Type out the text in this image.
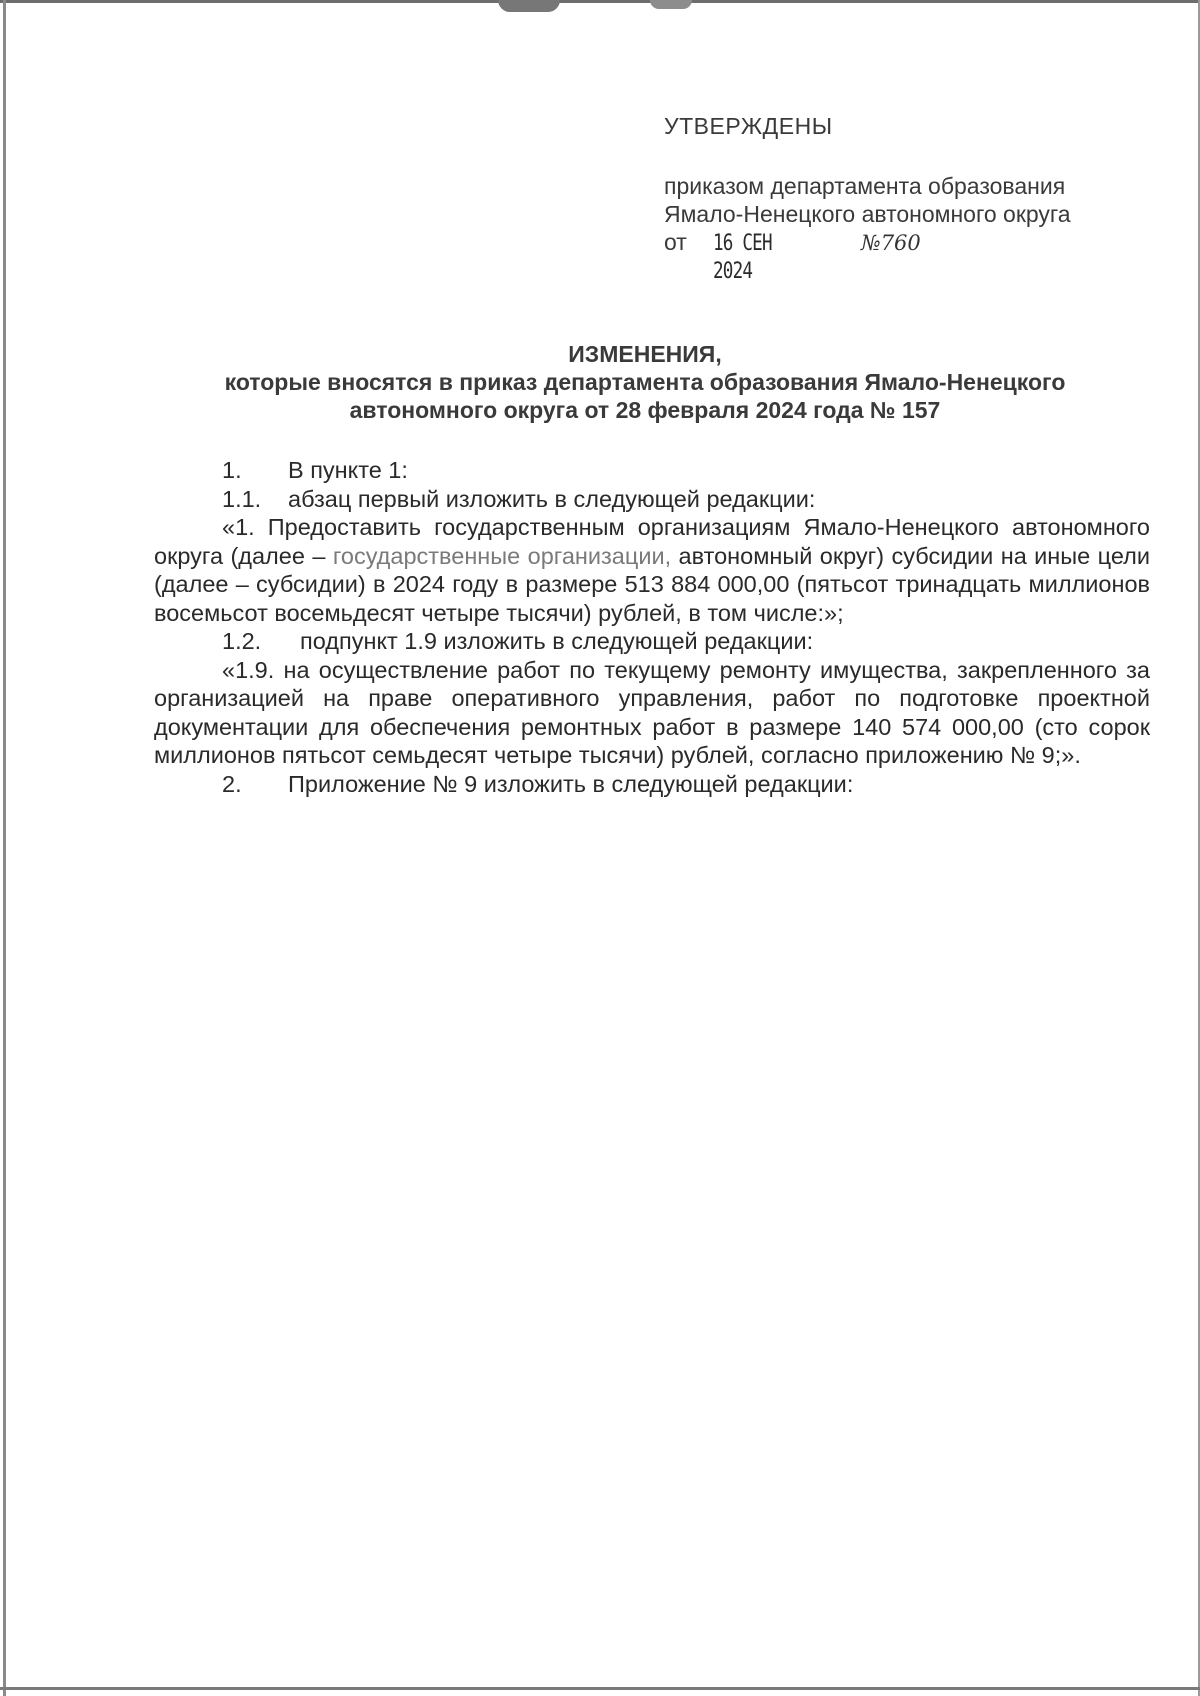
УТВЕРЖДЕНЫ
приказом департамента образования
Ямало-Ненецкого автономного округа
от 16 СЕН 2024
№760
ИЗМЕНЕНИЯ,
которые вносятся в приказ департамента образования Ямало-Ненецкого
автономного округа от 28 февраля 2024 года № 157
1.	В пункте 1:
1.1.	абзац первый изложить в следующей редакции:

«1. Предоставить государственным организациям Ямало-Ненецкого автономного округа (далее – государственные организации, автономный округ) субсидии на иные цели (далее – субсидии) в 2024 году в размере 513 884 000,00 (пятьсот тринадцать миллионов восемьсот восемьдесят четыре тысячи) рублей, в том числе:»;

1.2.	подпункт 1.9 изложить в следующей редакции:

«1.9. на осуществление работ по текущему ремонту имущества, закрепленного за организацией на праве оперативного управления, работ по подготовке проектной документации для обеспечения ремонтных работ в размере 140 574 000,00 (сто сорок миллионов пятьсот семьдесят четыре тысячи) рублей, согласно приложению № 9;».

2.	Приложение № 9 изложить в следующей редакции:
